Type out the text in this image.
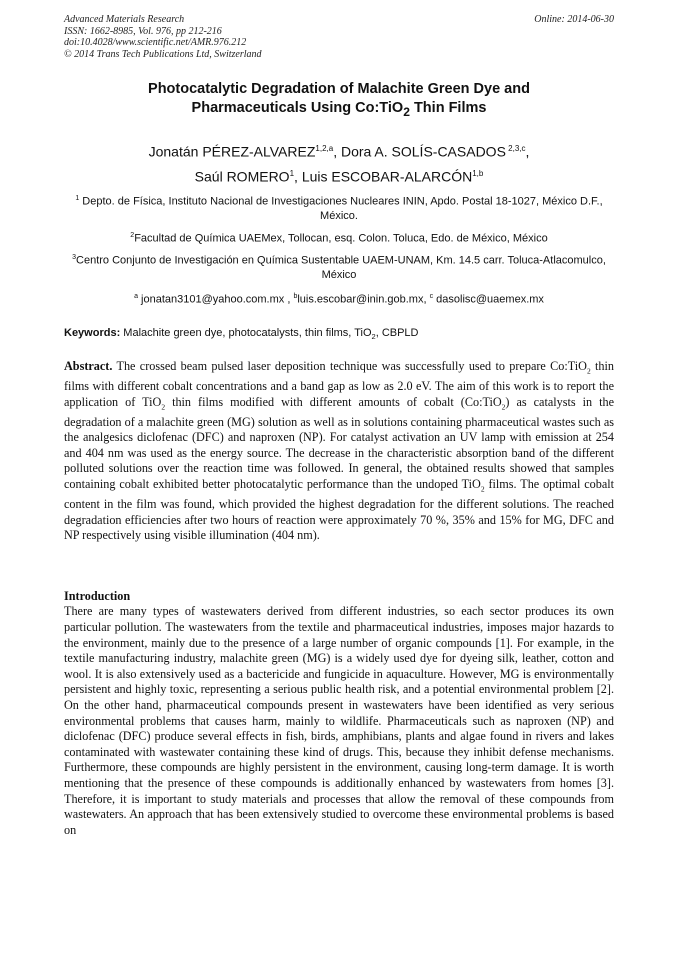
Advanced Materials Research
ISSN: 1662-8985, Vol. 976, pp 212-216
doi:10.4028/www.scientific.net/AMR.976.212
© 2014 Trans Tech Publications Ltd, Switzerland
Online: 2014-06-30
Photocatalytic Degradation of Malachite Green Dye and
Pharmaceuticals Using Co:TiO$_2$ Thin Films
Jonatán PÉREZ-ALVAREZ$^{1,2,a}$, Dora A. SOLÍS-CASADOS $^{2,3,c}$,
Saúl ROMERO$^1$, Luis ESCOBAR-ALARCÓN$^{1,b}$
$^1$ Depto. de Física, Instituto Nacional de Investigaciones Nucleares ININ, Apdo. Postal 18-1027, México D.F., México.
$^2$Facultad de Química UAEMex, Tollocan, esq. Colon. Toluca, Edo. de México, México
$^3$Centro Conjunto de Investigación en Química Sustentable UAEM-UNAM, Km. 14.5 carr. Toluca-Atlacomulco, México
$^a$ jonatan3101@yahoo.com.mx , $^b$luis.escobar@inin.gob.mx, $^c$ dasolisc@uaemex.mx
Keywords: Malachite green dye, photocatalysts, thin films, TiO$_2$, CBPLD

Abstract. The crossed beam pulsed laser deposition technique was successfully used to prepare Co:TiO$_2$ thin films with different cobalt concentrations and a band gap as low as 2.0 eV. The aim of this work is to report the application of TiO$_2$ thin films modified with different amounts of cobalt (Co:TiO$_2$) as catalysts in the degradation of a malachite green (MG) solution as well as in solutions containing pharmaceutical wastes such as the analgesics diclofenac (DFC) and naproxen (NP). For catalyst activation an UV lamp with emission at 254 and 404 nm was used as the energy source. The decrease in the characteristic absorption band of the different polluted solutions over the reaction time was followed. In general, the obtained results showed that samples containing cobalt exhibited better photocatalytic performance than the undoped TiO$_2$ films. The optimal cobalt content in the film was found, which provided the highest degradation for the different solutions. The reached degradation efficiencies after two hours of reaction were approximately 70 %, 35% and 15% for MG, DFC and NP respectively using visible illumination (404 nm).

Introduction

There are many types of wastewaters derived from different industries, so each sector produces its own particular pollution. The wastewaters from the textile and pharmaceutical industries, imposes major hazards to the environment, mainly due to the presence of a large number of organic compounds [1]. For example, in the textile manufacturing industry, malachite green (MG) is a widely used dye for dyeing silk, leather, cotton and wool. It is also extensively used as a bactericide and fungicide in aquaculture. However, MG is environmentally persistent and highly toxic, representing a serious public health risk, and a potential environmental problem [2]. On the other hand, pharmaceutical compounds present in wastewaters have been identified as very serious environmental problems that causes harm, mainly to wildlife. Pharmaceuticals such as naproxen (NP) and diclofenac (DFC) produce several effects in fish, birds, amphibians, plants and algae found in rivers and lakes contaminated with wastewater containing these kind of drugs. This, because they inhibit defense mechanisms. Furthermore, these compounds are highly persistent in the environment, causing long-term damage. It is worth mentioning that the presence of these compounds is additionally enhanced by wastewaters from homes [3]. Therefore, it is important to study materials and processes that allow the removal of these compounds from wastewaters. An approach that has been extensively studied to overcome these environmental problems is based on
